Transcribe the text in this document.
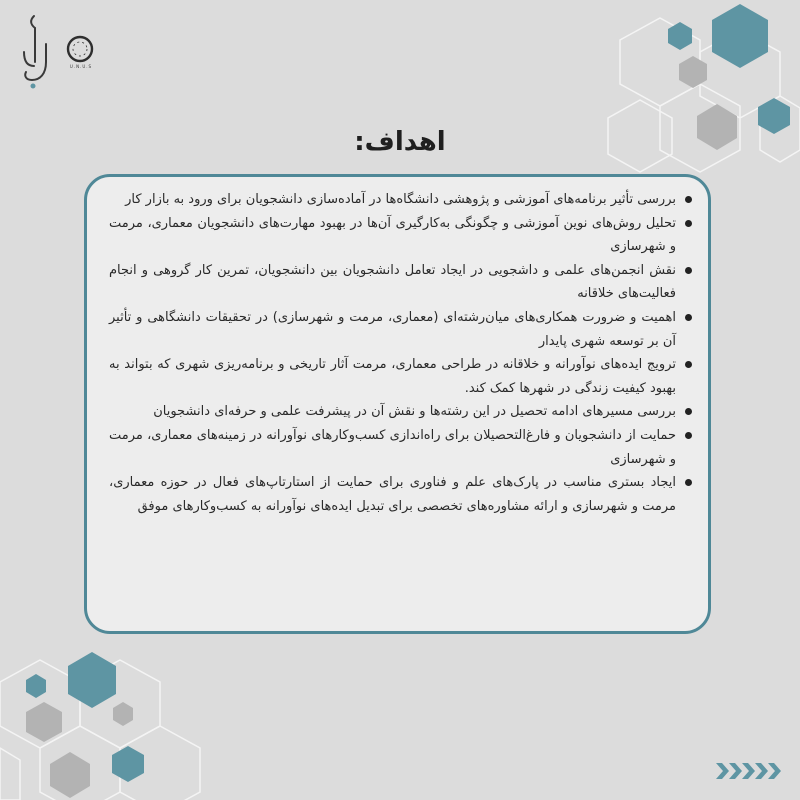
U.N.U.S
اهداف:
بررسی تأثیر برنامه‌های آموزشی و پژوهشی دانشگاه‌ها در آماده‌سازی دانشجویان برای ورود به بازار کار
تحلیل روش‌های نوین آموزشی و چگونگی به‌کارگیری آن‌ها در بهبود مهارت‌های دانشجویان معماری، مرمت و شهرسازی
نقش انجمن‌های علمی و داشجویی در ایجاد تعامل دانشجویان بین دانشجویان، تمرین کار گروهی و انجام فعالیت‌های خلاقانه
اهمیت و ضرورت همکاری‌های میان‌رشته‌ای (معماری، مرمت و شهرسازی) در تحقیقات دانشگاهی و تأثیر آن بر توسعه شهری پایدار
ترویج ایده‌های نوآورانه و خلاقانه در طراحی معماری، مرمت آثار تاریخی و برنامه‌ریزی شهری که بتواند به بهبود کیفیت زندگی در شهرها کمک کند.
بررسی مسیرهای ادامه تحصیل در این رشته‌ها و نقش آن در پیشرفت علمی و حرفه‌ای دانشجویان
حمایت از دانشجویان و فارغ‌التحصیلان برای راه‌اندازی کسب‌وکارهای نوآورانه در زمینه‌های معماری، مرمت و شهرسازی
ایجاد بستری مناسب در پارک‌های علم و فناوری برای حمایت از استارتاپ‌های فعال در حوزه معماری، مرمت و شهرسازی و ارائه مشاوره‌های تخصصی برای تبدیل ایده‌های نوآورانه به کسب‌وکارهای موفق
